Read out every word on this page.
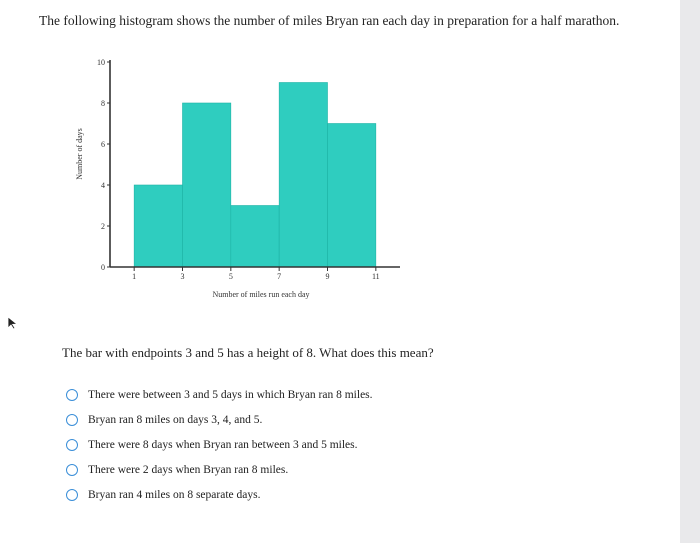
The following histogram shows the number of miles Bryan ran each day in preparation for a half marathon.

0
2
4
6
8
10
1	3	5	7	9	11
Number of miles run each day
Number of days

The bar with endpoints 3 and 5 has a height of 8. What does this mean?

There were between 3 and 5 days in which Bryan ran 8 miles.
Bryan ran 8 miles on days 3, 4, and 5.
There were 8 days when Bryan ran between 3 and 5 miles.
There were 2 days when Bryan ran 8 miles.
Bryan ran 4 miles on 8 separate days.
